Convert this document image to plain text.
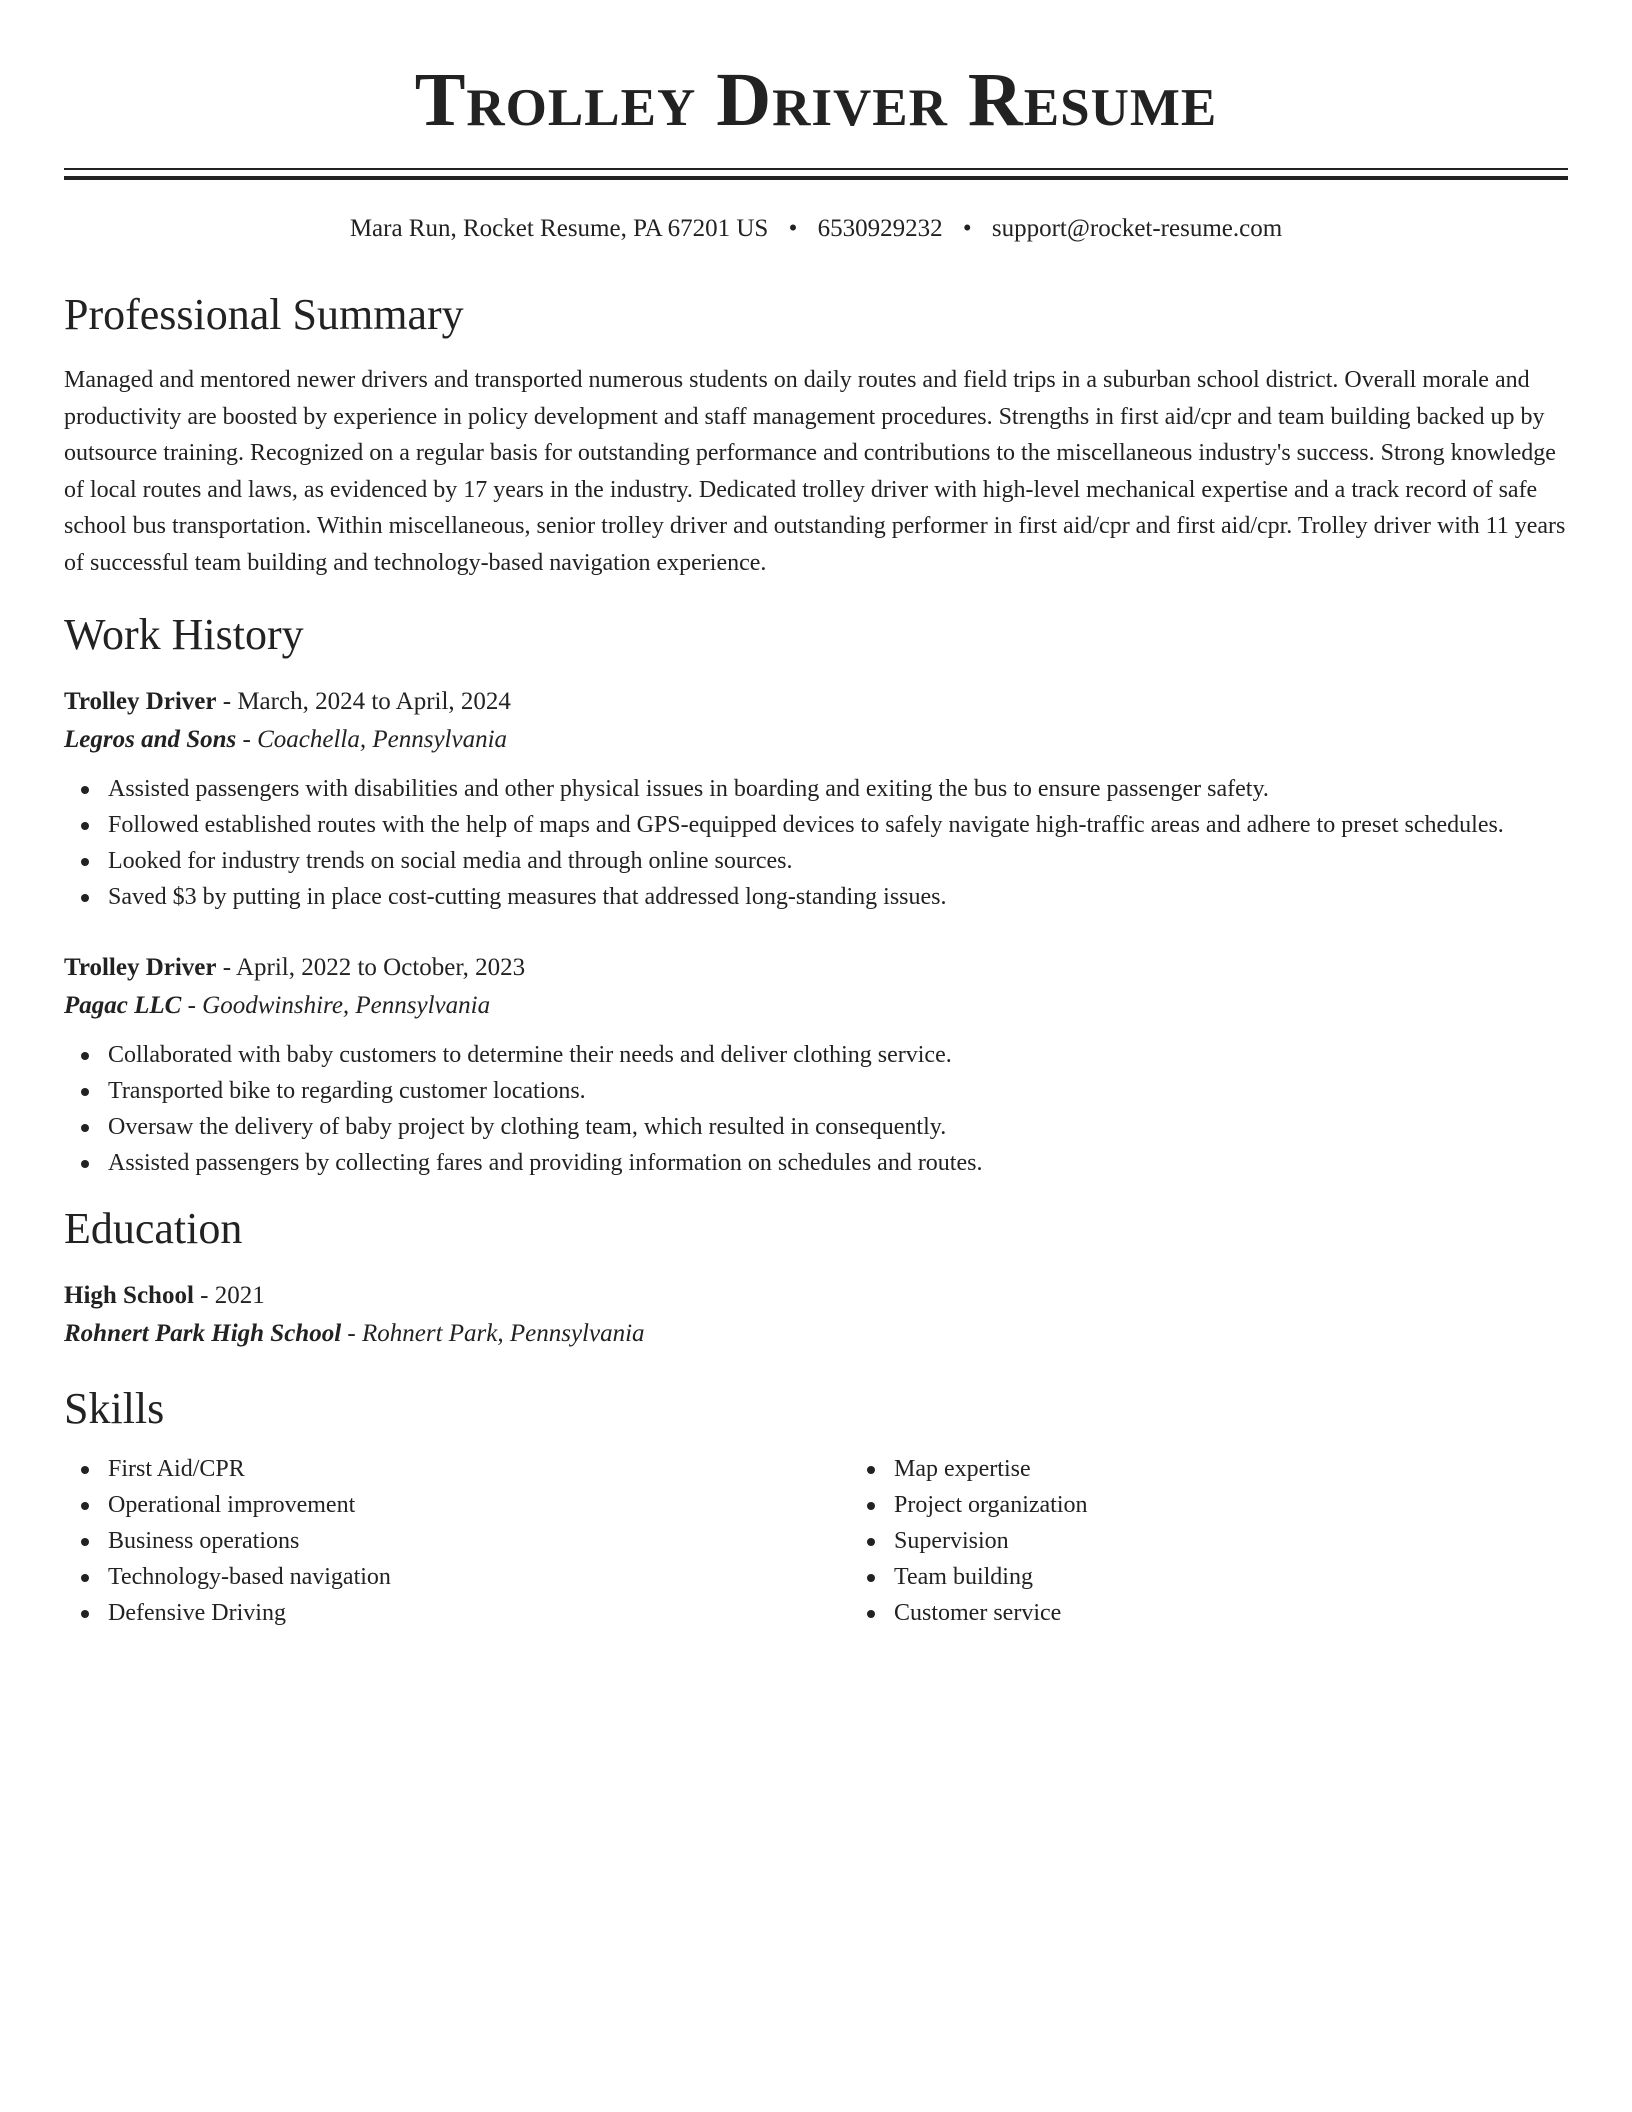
Trolley Driver Resume
Mara Run, Rocket Resume, PA 67201 US • 6530929232 • support@rocket-resume.com
Professional Summary

Managed and mentored newer drivers and transported numerous students on daily routes and field trips in a suburban school district. Overall morale and productivity are boosted by experience in policy development and staff management procedures. Strengths in first aid/cpr and team building backed up by outsource training. Recognized on a regular basis for outstanding performance and contributions to the miscellaneous industry's success. Strong knowledge of local routes and laws, as evidenced by 17 years in the industry. Dedicated trolley driver with high-level mechanical expertise and a track record of safe school bus transportation. Within miscellaneous, senior trolley driver and outstanding performer in first aid/cpr and first aid/cpr. Trolley driver with 11 years of successful team building and technology-based navigation experience.

Work History
Trolley Driver - March, 2024 to April, 2024
Legros and Sons - Coachella, Pennsylvania
Assisted passengers with disabilities and other physical issues in boarding and exiting the bus to ensure passenger safety.
Followed established routes with the help of maps and GPS-equipped devices to safely navigate high-traffic areas and adhere to preset schedules.
Looked for industry trends on social media and through online sources.
Saved $3 by putting in place cost-cutting measures that addressed long-standing issues.
Trolley Driver - April, 2022 to October, 2023
Pagac LLC - Goodwinshire, Pennsylvania
Collaborated with baby customers to determine their needs and deliver clothing service.
Transported bike to regarding customer locations.
Oversaw the delivery of baby project by clothing team, which resulted in consequently.
Assisted passengers by collecting fares and providing information on schedules and routes.
Education
High School - 2021
Rohnert Park High School - Rohnert Park, Pennsylvania
Skills
First Aid/CPR
Operational improvement
Business operations
Technology-based navigation
Defensive Driving
Map expertise
Project organization
Supervision
Team building
Customer service
